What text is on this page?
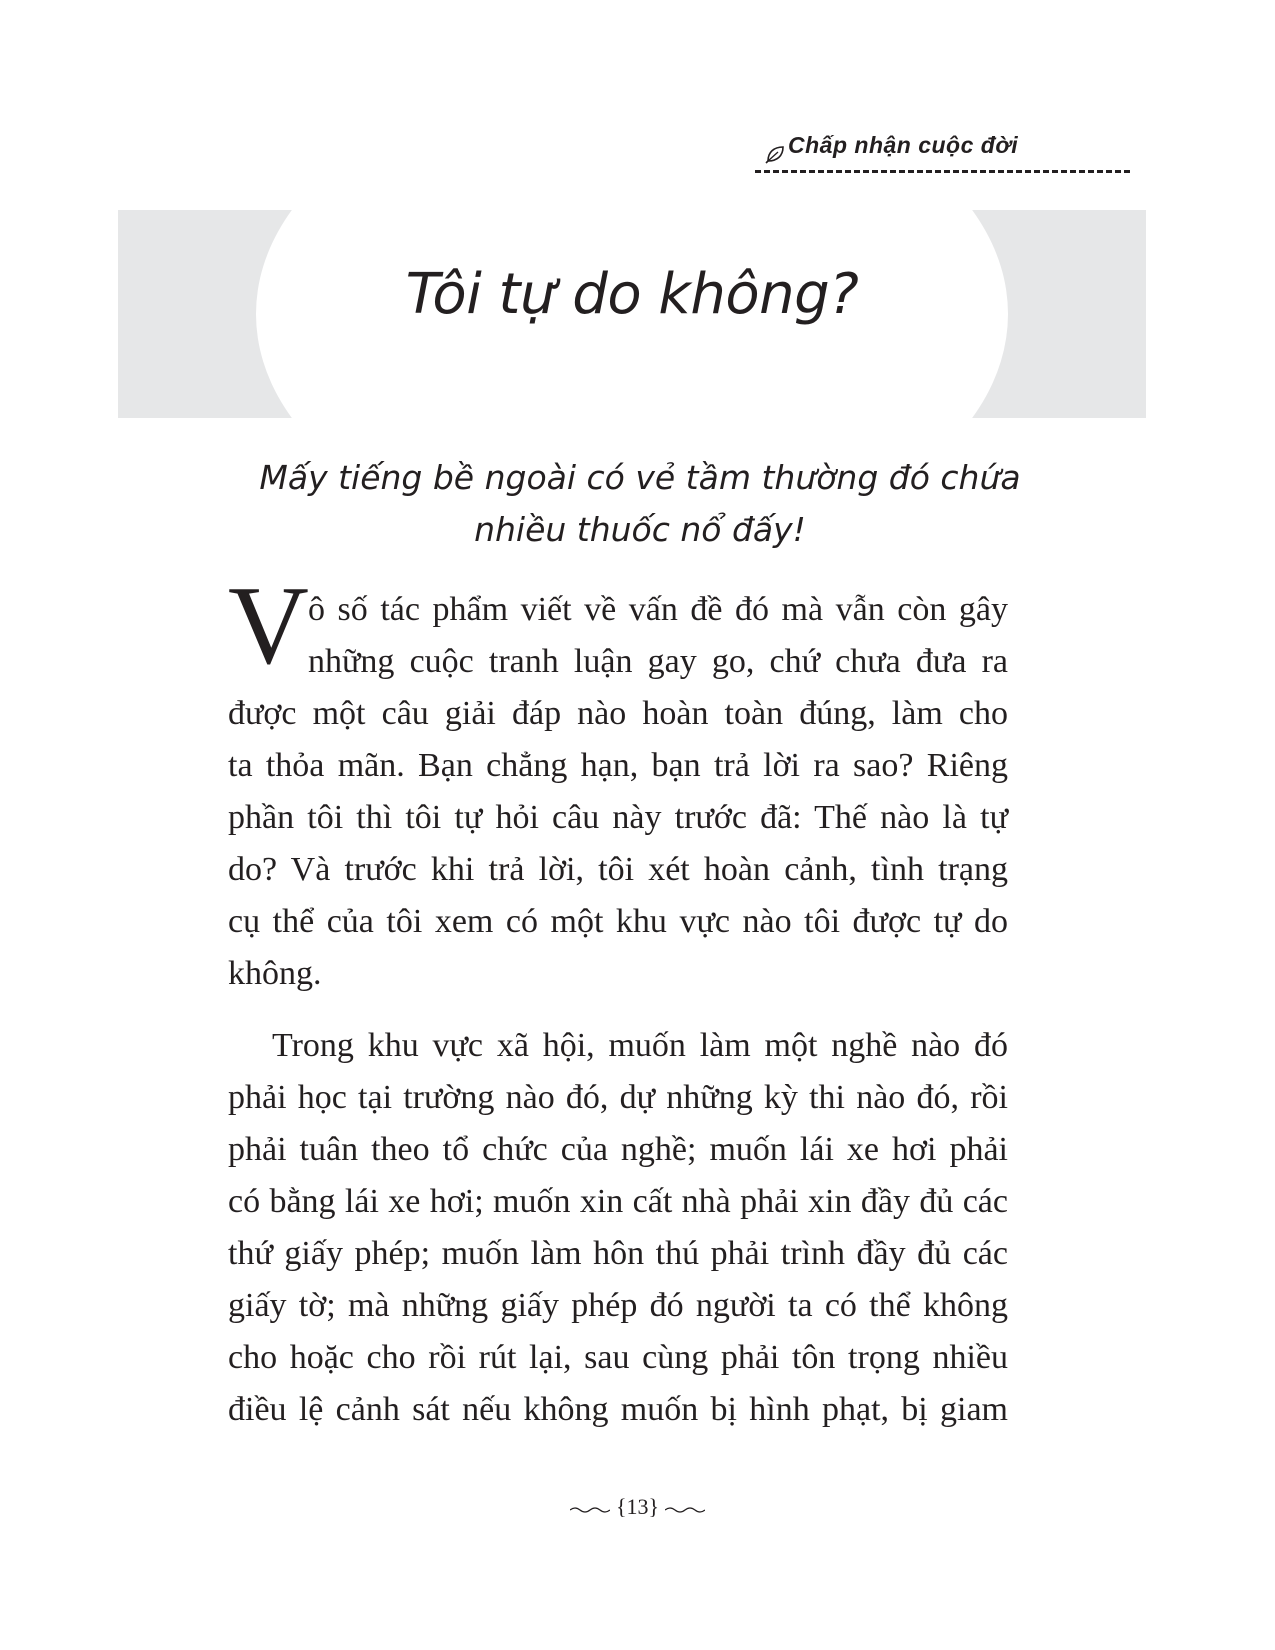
Chấp nhận cuộc đời
Tôi tự do không?
Mấy tiếng bề ngoài có vẻ tầm thường đó chứa
nhiều thuốc nổ đấy!
V ô số tác phẩm viết về vấn đề đó mà vẫn còn gây
những cuộc tranh luận gay go, chứ chưa đưa ra
được một câu giải đáp nào hoàn toàn đúng, làm cho
ta thỏa mãn. Bạn chẳng hạn, bạn trả lời ra sao? Riêng
phần tôi thì tôi tự hỏi câu này trước đã: Thế nào là tự
do? Và trước khi trả lời, tôi xét hoàn cảnh, tình trạng
cụ thể của tôi xem có một khu vực nào tôi được tự do
không.
Trong khu vực xã hội, muốn làm một nghề nào đó
phải học tại trường nào đó, dự những kỳ thi nào đó, rồi
phải tuân theo tổ chức của nghề; muốn lái xe hơi phải
có bằng lái xe hơi; muốn xin cất nhà phải xin đầy đủ các
thứ giấy phép; muốn làm hôn thú phải trình đầy đủ các
giấy tờ; mà những giấy phép đó người ta có thể không
cho hoặc cho rồi rút lại, sau cùng phải tôn trọng nhiều
điều lệ cảnh sát nếu không muốn bị hình phạt, bị giam
{13}
